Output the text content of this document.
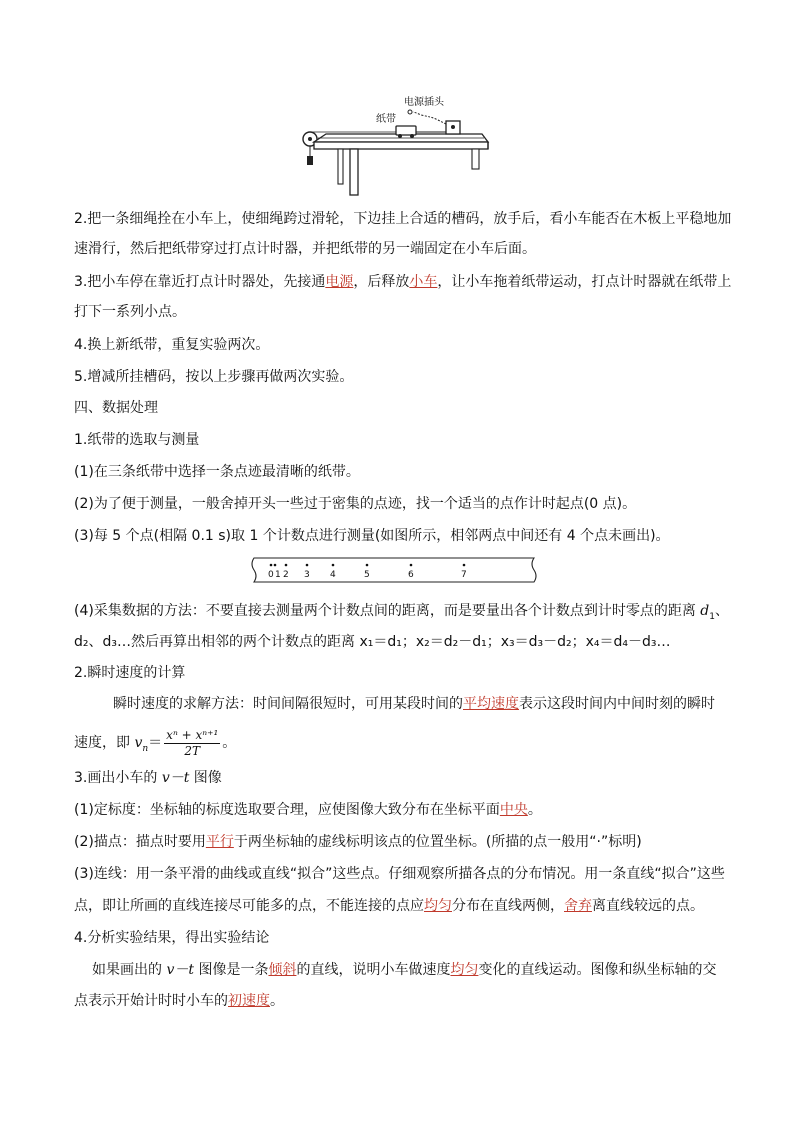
纸带
电源插头
2.把一条细绳拴在小车上，使细绳跨过滑轮，下边挂上合适的槽码，放手后，看小车能否在木板上平稳地加
速滑行，然后把纸带穿过打点计时器，并把纸带的另一端固定在小车后面。
3.把小车停在靠近打点计时器处，先接通电源，后释放小车，让小车拖着纸带运动，打点计时器就在纸带上
打下一系列小点。
4.换上新纸带，重复实验两次。
5.增减所挂槽码，按以上步骤再做两次实验。
四、数据处理
1.纸带的选取与测量
(1)在三条纸带中选择一条点迹最清晰的纸带。
(2)为了便于测量，一般舍掉开头一些过于密集的点迹，找一个适当的点作计时起点(0 点)。
(3)每 5 个点(相隔 0.1 s)取 1 个计数点进行测量(如图所示，相邻两点中间还有 4 个点未画出)。
0 1 2 3 4	5	6	7
(4)采集数据的方法：不要直接去测量两个计数点间的距离，而是要量出各个计数点到计时零点的距离 $d_1$、
d₂、d₃…然后再算出相邻的两个计数点的距离 x₁＝d₁；x₂＝d₂－d₁；x₃＝d₃－d₂；x₄＝d₄－d₃…
2.瞬时速度的计算
瞬时速度的求解方法：时间间隔很短时，可用某段时间的平均速度表示这段时间内中间时刻的瞬时
速度，即 $v_n= \frac{\text{xⁿ + xⁿ⁺¹}}{2T}$ 。
3.画出小车的 v－t 图像
(1)定标度：坐标轴的标度选取要合理，应使图像大致分布在坐标平面中央。
(2)描点：描点时要用平行于两坐标轴的虚线标明该点的位置坐标。(所描的点一般用“·”标明)
(3)连线：用一条平滑的曲线或直线“拟合”这些点。仔细观察所描各点的分布情况。用一条直线“拟合”这些
点，即让所画的直线连接尽可能多的点，不能连接的点应均匀分布在直线两侧，舍弃离直线较远的点。
4.分析实验结果，得出实验结论
如果画出的 v－t 图像是一条倾斜的直线，说明小车做速度均匀变化的直线运动。图像和纵坐标轴的交
点表示开始计时时小车的初速度。
